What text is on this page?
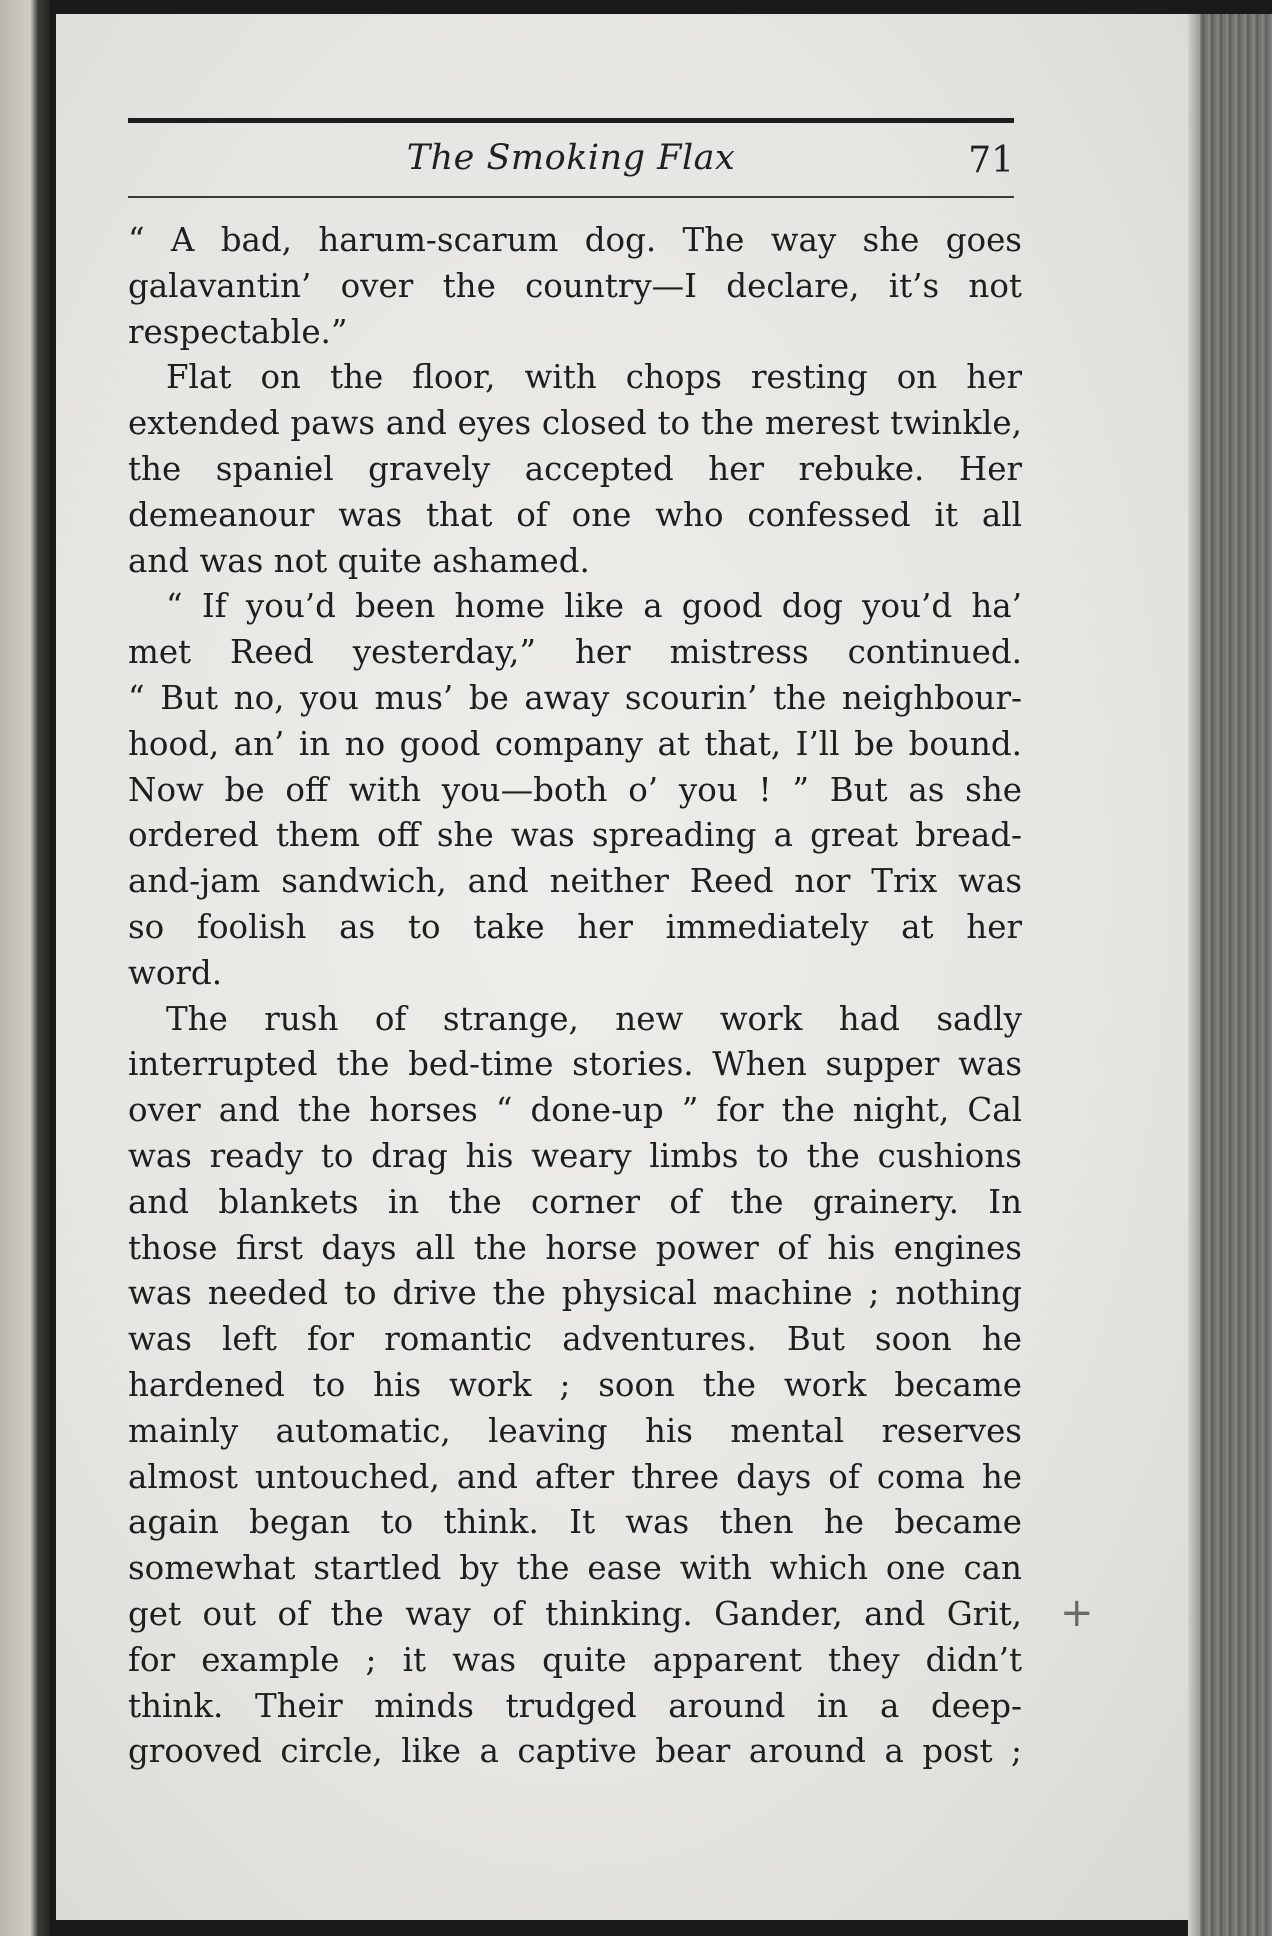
The Smoking Flax	71
“ A bad, harum-scarum dog. The way she goes
galavantin’ over the country—I declare, it’s not
respectable.”
Flat on the floor, with chops resting on her
extended paws and eyes closed to the merest twinkle,
the spaniel gravely accepted her rebuke. Her
demeanour was that of one who confessed it all
and was not quite ashamed.
“ If you’d been home like a good dog you’d ha’
met Reed yesterday,” her mistress continued.
“ But no, you mus’ be away scourin’ the neighbour-
hood, an’ in no good company at that, I’ll be bound.
Now be off with you—both o’ you ! ” But as she
ordered them off she was spreading a great bread-
and-jam sandwich, and neither Reed nor Trix was
so foolish as to take her immediately at her
word.
The rush of strange, new work had sadly
interrupted the bed-time stories. When supper was
over and the horses “ done-up ” for the night, Cal
was ready to drag his weary limbs to the cushions
and blankets in the corner of the grainery. In
those first days all the horse power of his engines
was needed to drive the physical machine ; nothing
was left for romantic adventures. But soon he
hardened to his work ; soon the work became
mainly automatic, leaving his mental reserves
almost untouched, and after three days of coma he
again began to think. It was then he became
somewhat startled by the ease with which one can
get out of the way of thinking. Gander, and Grit,
for example ; it was quite apparent they didn’t
think. Their minds trudged around in a deep-
grooved circle, like a captive bear around a post ;
+
